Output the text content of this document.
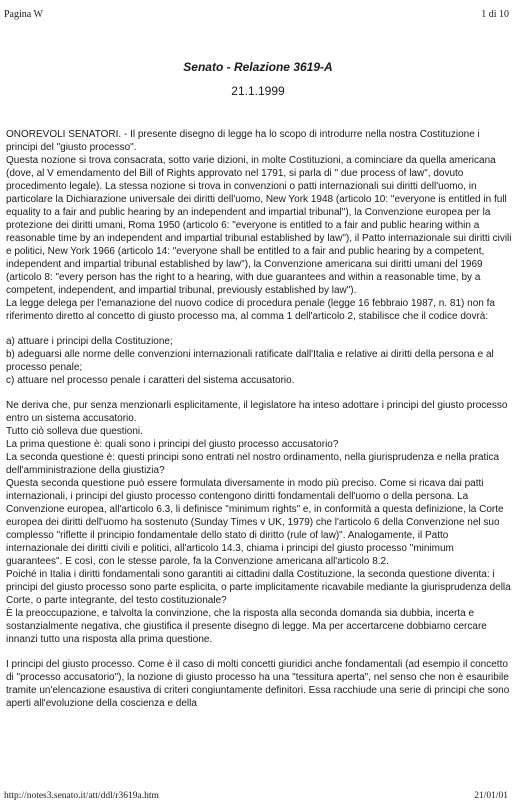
Pagina W	1 di 10
Senato - Relazione 3619-A
21.1.1999

ONOREVOLI SENATORI. - Il presente disegno di legge ha lo scopo di introdurre nella nostra Costituzione i principi del "giusto processo".

Questa nozione si trova consacrata, sotto varie dizioni, in molte Costituzioni, a cominciare da quella americana (dove, al V emendamento del Bill of Rights approvato nel 1791, si parla di " due process of law", dovuto procedimento legale). La stessa nozione si trova in convenzioni o patti internazionali sui diritti dell'uomo, in particolare la Dichiarazione universale dei diritti dell'uomo, New York 1948 (articolo 10: "everyone is entitled in full equality to a fair and public hearing by an independent and impartial tribunal"), la Convenzione europea per la protezione dei diritti umani, Roma 1950 (articolo 6: "everyone is entitled to a fair and public hearing within a reasonable time by an independent and impartial tribunal established by law"), il Patto internazionale sui diritti civili e politici, New York 1966 (articolo 14: "everyone shall be entitled to a fair and public hearing by a competent, independent and impartial tribunal established by law"), la Convenzione americana sui diritti umani del 1969 (articolo 8: "every person has the right to a hearing, with due guarantees and within a reasonable time, by a competent, independent, and impartial tribunal, previously established by law").

La legge delega per l'emanazione del nuovo codice di procedura penale (legge 16 febbraio 1987, n. 81) non fa riferimento diretto al concetto di giusto processo ma, al comma 1 dell'articolo 2, stabilisce che il codice dovrà:

a) attuare i principi della Costituzione;

b) adeguarsi alle norme delle convenzioni internazionali ratificate dall'Italia e relative ai diritti della persona e al processo penale;

c) attuare nel processo penale i caratteri del sistema accusatorio.

Ne deriva che, pur senza menzionarli esplicitamente, il legislatore ha inteso adottare i principi del giusto processo entro un sistema accusatorio.

Tutto ciò solleva due questioni.

La prima questione è: quali sono i principi del giusto processo accusatorio?

La seconda questione è: questi principi sono entrati nel nostro ordinamento, nella giurisprudenza e nella pratica dell'amministrazione della giustizia?

Questa seconda questione può essere formulata diversamente in modo più preciso. Come si ricava dai patti internazionali, i principi del giusto processo contengono diritti fondamentali dell'uomo o della persona. La Convenzione europea, all'articolo 6.3, li definisce "minimum rights" e, in conformità a questa definizione, la Corte europea dei diritti dell'uomo ha sostenuto (Sunday Times v UK, 1979) che l'articolo 6 della Convenzione nel suo complesso "riflette il principio fondamentale dello stato di diritto (rule of law)". Analogamente, il Patto internazionale dei diritti civili e politici, all'articolo 14.3, chiama i principi del giusto processo "minimum guarantees". E così, con le stesse parole, fa la Convenzione americana all'articolo 8.2.

Poiché in Italia i diritti fondamentali sono garantiti ai cittadini dalla Costituzione, la seconda questione diventa: i principi del giusto processo sono parte esplicita, o parte implicitamente ricavabile mediante la giurisprudenza della Corte, o parte integrante, del testo costituzionale?

È la preoccupazione, e talvolta la convinzione, che la risposta alla seconda domanda sia dubbia, incerta e sostanzialmente negativa, che giustifica il presente disegno di legge. Ma per accertarcene dobbiamo cercare innanzi tutto una risposta alla prima questione.

I principi del giusto processo. Come è il caso di molti concetti giuridici anche fondamentali (ad esempio il concetto di "processo accusatorio"), la nozione di giusto processo ha una "tessitura aperta", nel senso che non è esauribile tramite un'elencazione esaustiva di criteri congiuntamente definitori. Essa racchiude una serie di principi che sono aperti all'evoluzione della coscienza e della

http://notes3.senato.it/att/ddl/r3619a.htm	21/01/01
